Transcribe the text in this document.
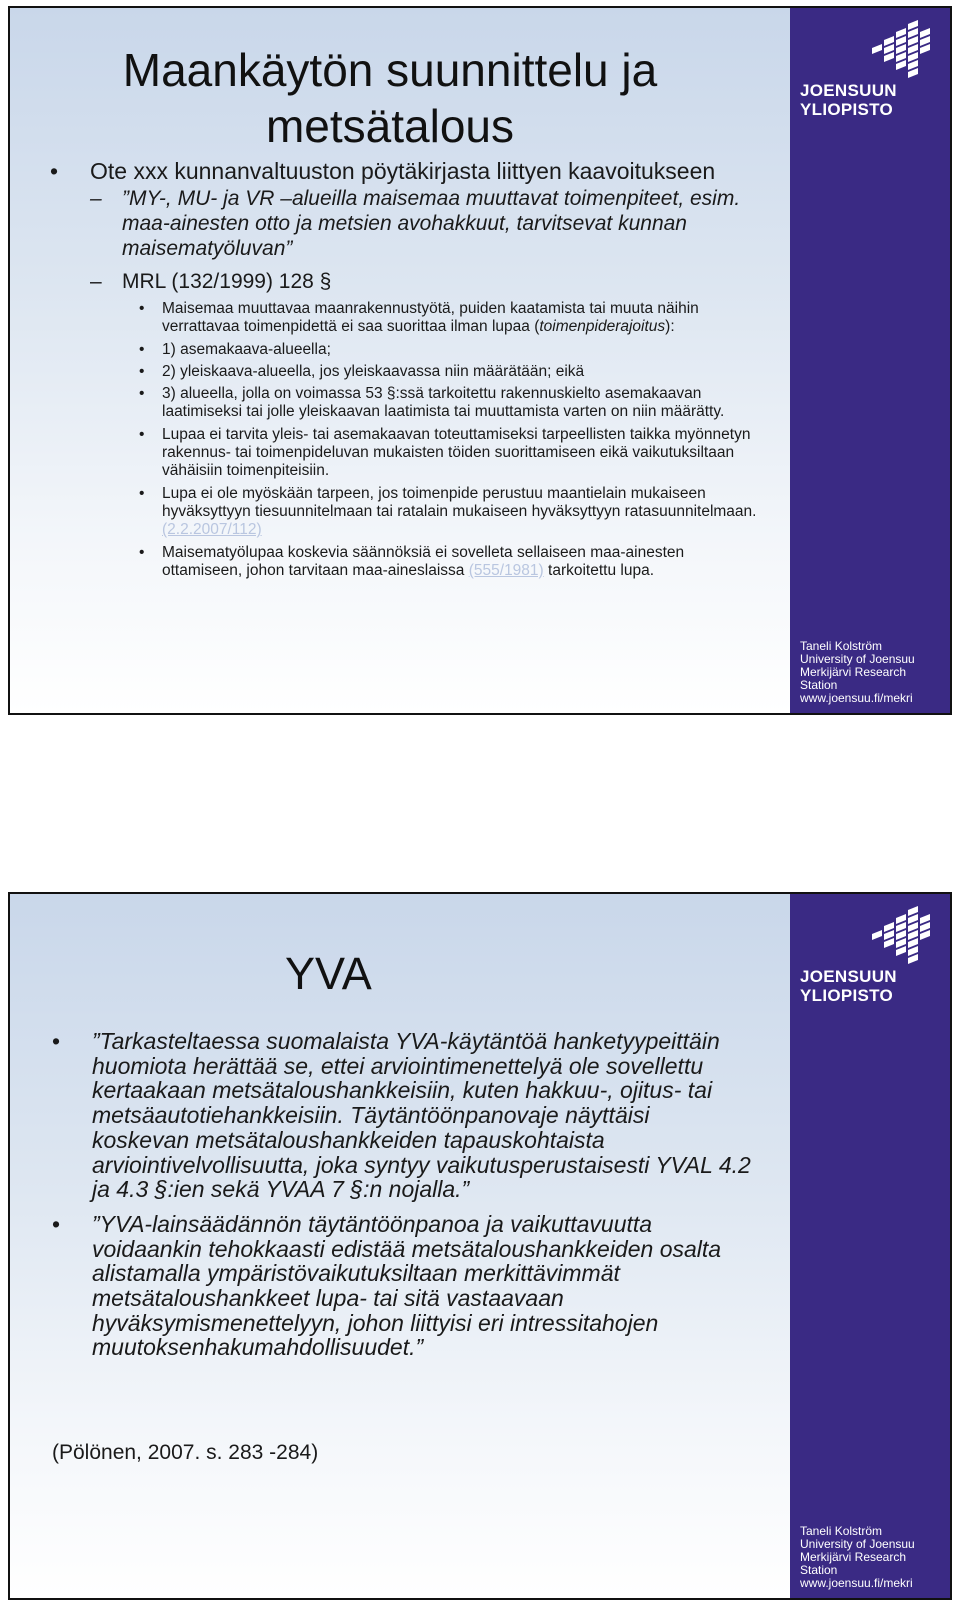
Maankäytön suunnittelu ja
metsätalous
• Ote xxx kunnanvaltuuston pöytäkirjasta liittyen kaavoitukseen
– ”MY-, MU- ja VR –alueilla maisemaa muuttavat toimenpiteet, esim. maa-ainesten otto ja metsien avohakkuut, tarvitsevat kunnan maisematyöluvan”
– MRL (132/1999) 128 §
• Maisemaa muuttavaa maanrakennustyötä, puiden kaatamista tai muuta näihin verrattavaa toimenpidettä ei saa suorittaa ilman lupaa (toimenpiderajoitus):
• 1) asemakaava-alueella;
• 2) yleiskaava-alueella, jos yleiskaavassa niin määrätään; eikä
• 3) alueella, jolla on voimassa 53 §:ssä tarkoitettu rakennuskielto asemakaavan laatimiseksi tai jolle yleiskaavan laatimista tai muuttamista varten on niin määrätty.
• Lupaa ei tarvita yleis- tai asemakaavan toteuttamiseksi tarpeellisten taikka myönnetyn rakennus- tai toimenpideluvan mukaisten töiden suorittamiseen eikä vaikutuksiltaan vähäisiin toimenpiteisiin.
• Lupa ei ole myöskään tarpeen, jos toimenpide perustuu maantielain mukaiseen hyväksyttyyn tiesuunnitelmaan tai ratalain mukaiseen hyväksyttyyn ratasuunnitelmaan. (2.2.2007/112)
• Maisematyölupaa koskevia säännöksiä ei sovelleta sellaiseen maa-ainesten ottamiseen, johon tarvitaan maa-aineslaissa (555/1981) tarkoitettu lupa.
JOENSUUN
YLIOPISTO
Taneli Kolström
University of Joensuu
Merkijärvi Research
Station
www.joensuu.fi/mekri
YVA
• ”Tarkasteltaessa suomalaista YVA-käytäntöä hanketyypeittäin huomiota herättää se, ettei arviointimenettelyä ole sovellettu kertaakaan metsätaloushankkeisiin, kuten hakkuu-, ojitus- tai metsäautotiehankkeisiin. Täytäntöönpanovaje näyttäisi koskevan metsätaloushankkeiden tapauskohtaista arviointivelvollisuutta, joka syntyy vaikutusperustaisesti YVAL 4.2 ja 4.3 §:ien sekä YVAA 7 §:n nojalla.”
• ”YVA-lainsäädännön täytäntöönpanoa ja vaikuttavuutta voidaankin tehokkaasti edistää metsätaloushankkeiden osalta alistamalla ympäristövaikutuksiltaan merkittävimmät metsätaloushankkeet lupa- tai sitä vastaavaan hyväksymismenettelyyn, johon liittyisi eri intressitahojen muutoksenhakumahdollisuudet.”
(Pölönen, 2007. s. 283 -284)
JOENSUUN
YLIOPISTO
Taneli Kolström
University of Joensuu
Merkijärvi Research
Station
www.joensuu.fi/mekri
